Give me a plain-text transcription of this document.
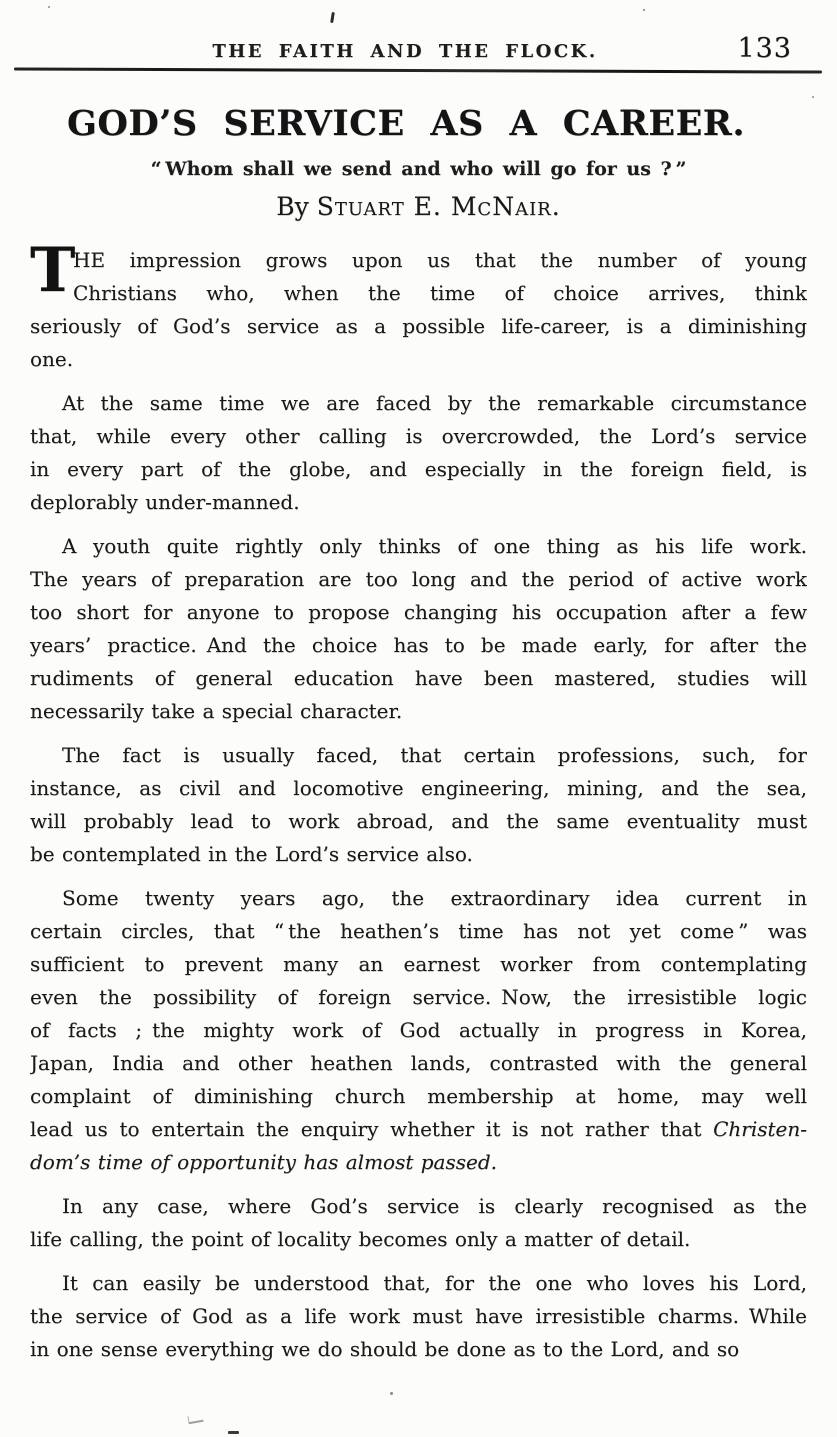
THE FAITH AND THE FLOCK.	133
GOD’S SERVICE AS A CAREER.
“ Whom shall we send and who will go for us ? ”
By Stuart E. McNair.
T
HE impression grows upon us that the number of young
Christians who, when the time of choice arrives, think
seriously of God’s service as a possible life-career, is a diminishing
one.
At the same time we are faced by the remarkable circumstance
that, while every other calling is overcrowded, the Lord’s service
in every part of the globe, and especially in the foreign field, is
deplorably under-manned.
A youth quite rightly only thinks of one thing as his life work.
The years of preparation are too long and the period of active work
too short for anyone to propose changing his occupation after a few
years’ practice. And the choice has to be made early, for after the
rudiments of general education have been mastered, studies will
necessarily take a special character.
The fact is usually faced, that certain professions, such, for
instance, as civil and locomotive engineering, mining, and the sea,
will probably lead to work abroad, and the same eventuality must
be contemplated in the Lord’s service also.
Some twenty years ago, the extraordinary idea current in
certain circles, that “ the heathen’s time has not yet come ” was
sufficient to prevent many an earnest worker from contemplating
even the possibility of foreign service. Now, the irresistible logic
of facts ; the mighty work of God actually in progress in Korea,
Japan, India and other heathen lands, contrasted with the general
complaint of diminishing church membership at home, may well
lead us to entertain the enquiry whether it is not rather that Christen-
dom’s time of opportunity has almost passed.
In any case, where God’s service is clearly recognised as the
life calling, the point of locality becomes only a matter of detail.
It can easily be understood that, for the one who loves his Lord,
the service of God as a life work must have irresistible charms. While
in one sense everything we do should be done as to the Lord, and so
